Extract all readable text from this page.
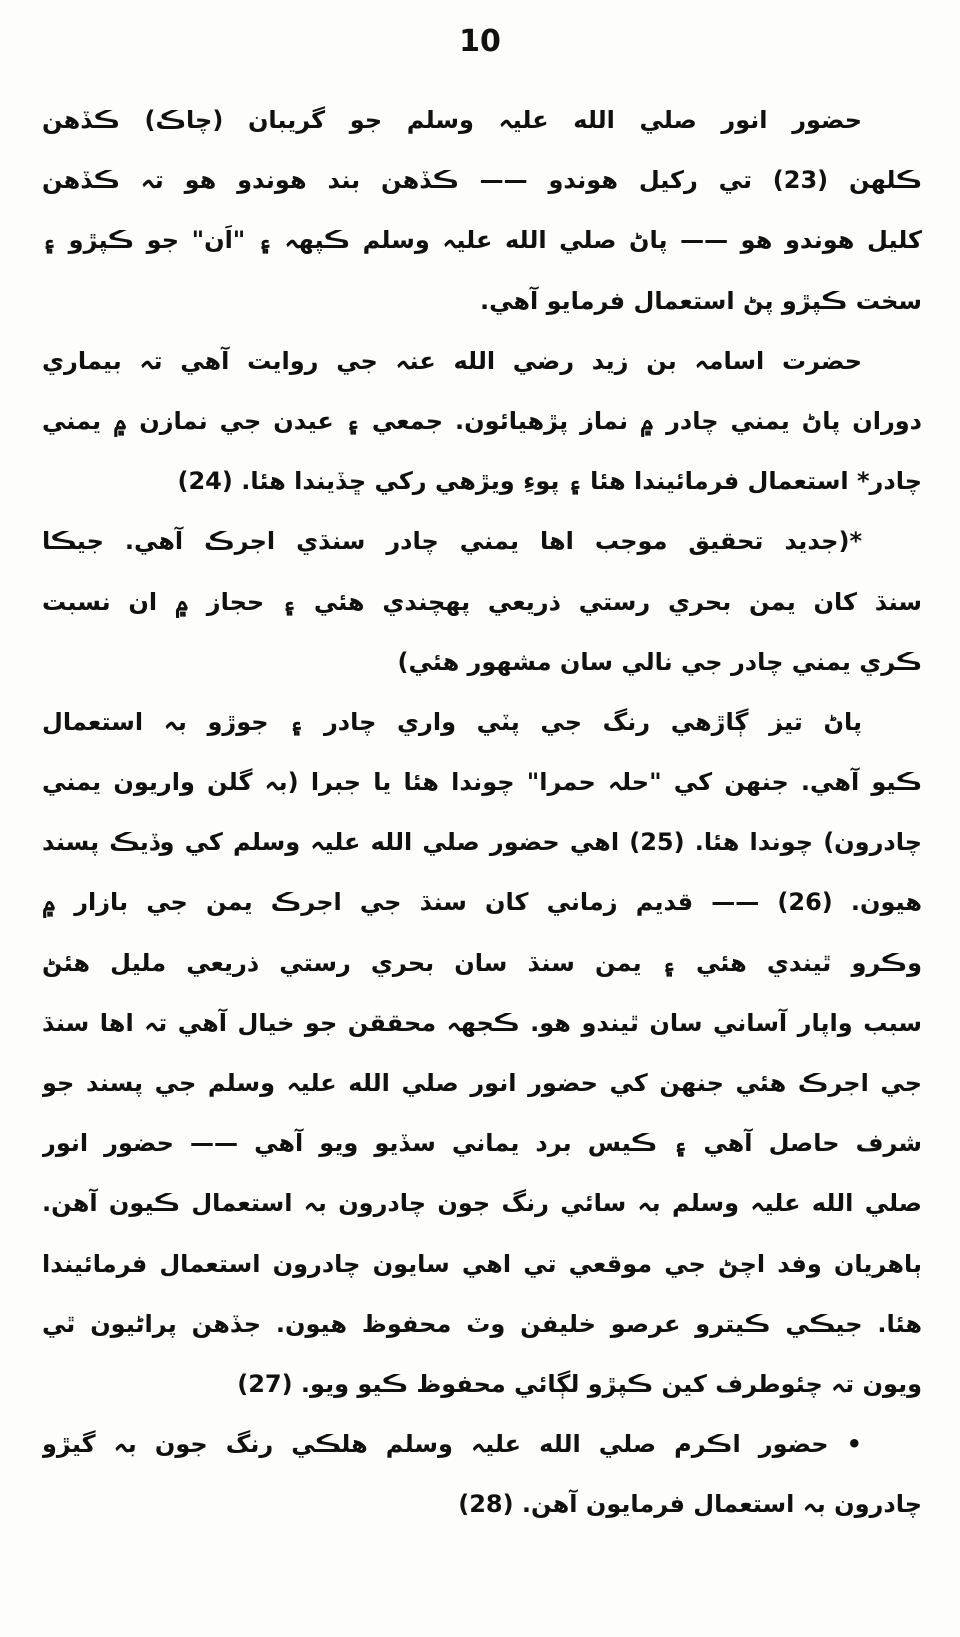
10
حضور انور صلي الله عليہ وسلم جو گريبان (چاڪ) ڪڏهن
ڪلهن (23) تي رکيل هوندو —— ڪڏهن بند هوندو هو تہ ڪڏهن
کليل هوندو هو —— پاڻ صلي الله عليہ وسلم ڪپهہ ۽ "اَن" جو ڪپڙو ۽
سخت ڪپڙو پڻ استعمال فرمايو آهي.
حضرت اسامہ بن زيد رضي الله عنہ جي روايت آهي تہ بيماري
دوران پاڻ يمني چادر ۾ نماز پڙهيائون. جمعي ۽ عيدن جي نمازن ۾ يمني
چادر* استعمال فرمائيندا هئا ۽ پوءِ ويڙهي رکي ڇڏيندا هئا. (24)
*(جديد تحقيق موجب اها يمني چادر سنڌي اجرڪ آهي. جيڪا
سنڌ کان يمن بحري رستي ذريعي پهچندي هئي ۽ حجاز ۾ ان نسبت
ڪري يمني چادر جي نالي سان مشهور هئي)
پاڻ تيز ڳاڙهي رنگ جي پٽي واري چادر ۽ جوڙو بہ استعمال
ڪيو آهي. جنهن کي "حلہ حمرا" چوندا هئا يا جبرا (بہ گلن واريون يمني
چادرون) چوندا هئا. (25) اهي حضور صلي الله عليہ وسلم کي وڏيڪ پسند
هيون. (26) —— قديم زماني کان سنڌ جي اجرڪ يمن جي بازار ۾
وڪرو ٿيندي هئي ۽ يمن سنڌ سان بحري رستي ذريعي مليل هئڻ
سبب واپار آساني سان ٿيندو هو. ڪجهہ محققن جو خيال آهي تہ اها سنڌ
جي اجرڪ هئي جنهن کي حضور انور صلي الله عليہ وسلم جي پسند جو
شرف حاصل آهي ۽ ڪيس برد يماني سڏيو ويو آهي —— حضور انور
صلي الله عليہ وسلم بہ سائي رنگ جون چادرون بہ استعمال ڪيون آهن.
ٻاهريان وفد اچڻ جي موقعي تي اهي سايون چادرون استعمال فرمائيندا
هئا. جيڪي ڪيترو عرصو خليفن وٽ محفوظ هيون. جڏهن پراڻيون ٿي
ويون تہ چئوطرف کين ڪپڙو لڳائي محفوظ ڪيو ويو. (27)
• حضور اڪرم صلي الله عليہ وسلم هلڪي رنگ جون بہ گيڙو
چادرون بہ استعمال فرمايون آهن. (28)
